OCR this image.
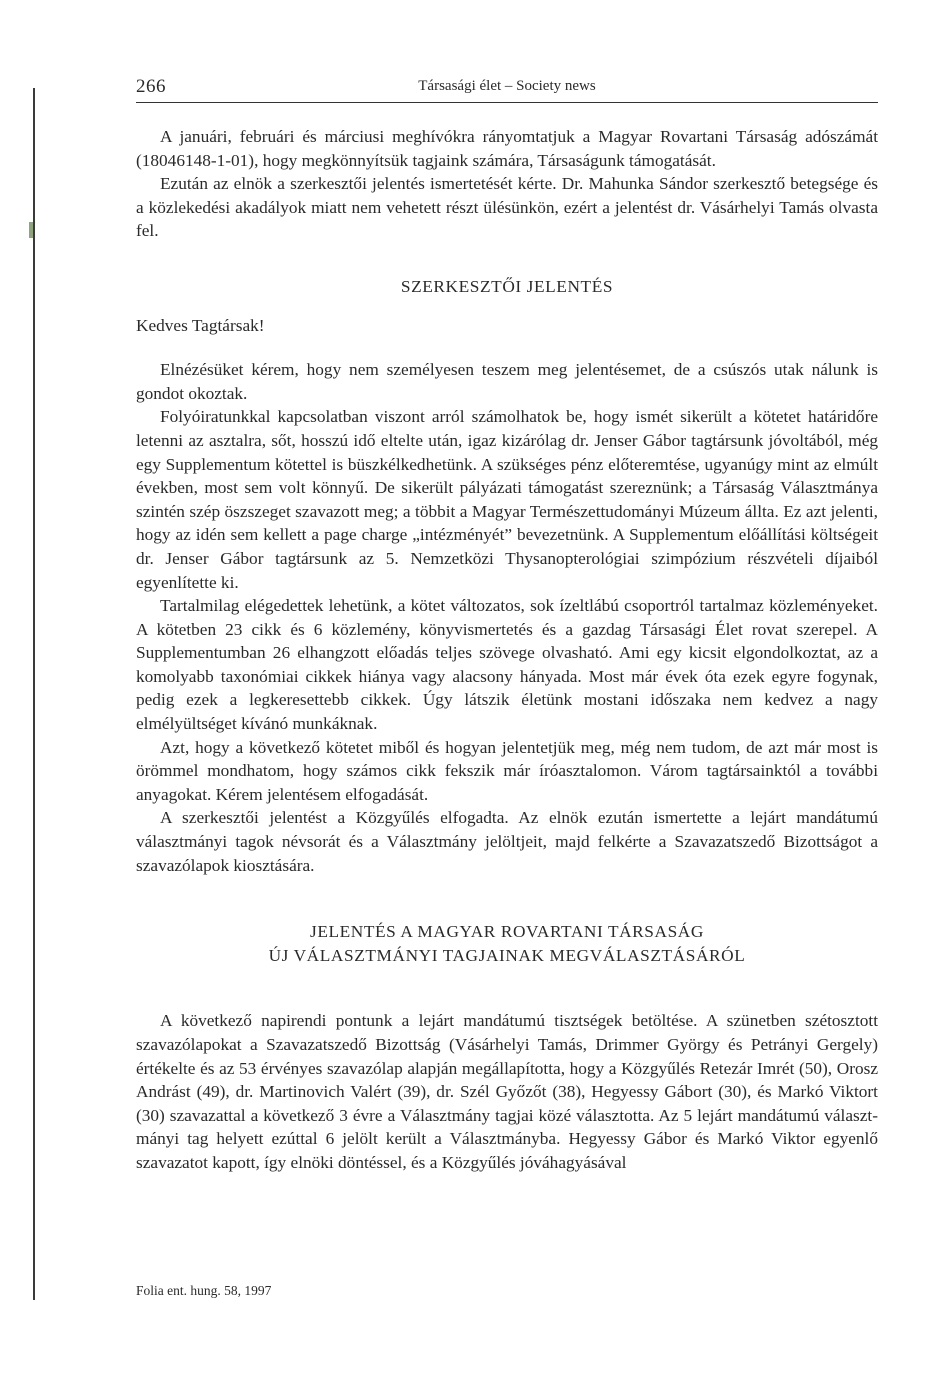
266	Társasági élet – Society news

A januári, februári és márciusi meghívókra rányomtatjuk a Magyar Rovartani Társaság adószámát (18046148-1-01), hogy megkönnyítsük tagjaink számára, Társaságunk támogatását.

Ezután az elnök a szerkesztői jelentés ismertetését kérte. Dr. Mahunka Sándor szerkesztő betegsége és a közlekedési akadályok miatt nem vehetett részt ülésünkön, ezért a jelentést dr. Vásárhelyi Tamás olvasta fel.

SZERKESZTŐI JELENTÉS

Kedves Tagtársak!

Elnézésüket kérem, hogy nem személyesen teszem meg jelentésemet, de a csúszós utak nálunk is gondot okoztak.

Folyóiratunkkal kapcsolatban viszont arról számolhatok be, hogy ismét sikerült a kötetet határidőre letenni az asztalra, sőt, hosszú idő eltelte után, igaz kizárólag dr. Jenser Gábor tagtársunk jóvoltából, még egy Supplementum kötettel is büszkélkedhetünk. A szükséges pénz előteremtése, ugyanúgy mint az elmúlt években, most sem volt könnyű. De sikerült pályázati támogatást szereznünk; a Társaság Választmánya szintén szép öszszeget szavazott meg; a többit a Magyar Természettudományi Múzeum állta. Ez azt jelenti, hogy az idén sem kellett a page charge „intézményét” bevezetnünk. A Supplementum előállítási költségeit dr. Jenser Gábor tagtársunk az 5. Nemzetközi Thysanopterológiai szimpózium részvételi díjaiból egyenlítette ki.

Tartalmilag elégedettek lehetünk, a kötet változatos, sok ízeltlábú csoportról tartalmaz közleményeket. A kötetben 23 cikk és 6 közlemény, könyvismertetés és a gazdag Társasági Élet rovat szerepel. A Supplementumban 26 elhangzott előadás teljes szövege olvasható. Ami egy kicsit elgondolkoztat, az a komolyabb taxonómiai cikkek hiánya vagy alacsony hányada. Most már évek óta ezek egyre fogynak, pedig ezek a legkeresettebb cikkek. Úgy látszik életünk mostani időszaka nem kedvez a nagy elmélyültséget kívánó munkáknak.

Azt, hogy a következő kötetet miből és hogyan jelentetjük meg, még nem tudom, de azt már most is örömmel mondhatom, hogy számos cikk fekszik már íróasztalomon. Várom tagtársainktól a további anyagokat. Kérem jelentésem elfogadását.

A szerkesztői jelentést a Közgyűlés elfogadta. Az elnök ezután ismertette a lejárt mandátumú választmányi tagok névsorát és a Választmány jelöltjeit, majd felkérte a Szavazatszedő Bizottságot a szavazólapok kiosztására.

JELENTÉS A MAGYAR ROVARTANI TÁRSASÁG
ÚJ VÁLASZTMÁNYI TAGJAINAK MEGVÁLASZTÁSÁRÓL

A következő napirendi pontunk a lejárt mandátumú tisztségek betöltése. A szünetben szétosztott szavazólapokat a Szavazatszedő Bizottság (Vásárhelyi Tamás, Drimmer György és Petrányi Gergely) értékelte és az 53 érvényes szavazólap alapján megállapította, hogy a Közgyűlés Retezár Imrét (50), Orosz Andrást (49), dr. Martinovich Valért (39), dr. Szél Győzőt (38), Hegyessy Gábort (30), és Markó Viktort (30) szavazattal a következő 3 évre a Választmány tagjai közé választotta. Az 5 lejárt mandátumú választmányi tag helyett ezúttal 6 jelölt került a Választmányba. Hegyessy Gábor és Markó Viktor egyenlő szavazatot kapott, így elnöki döntéssel, és a Közgyűlés jóváhagyásával

Folia ent. hung. 58, 1997
